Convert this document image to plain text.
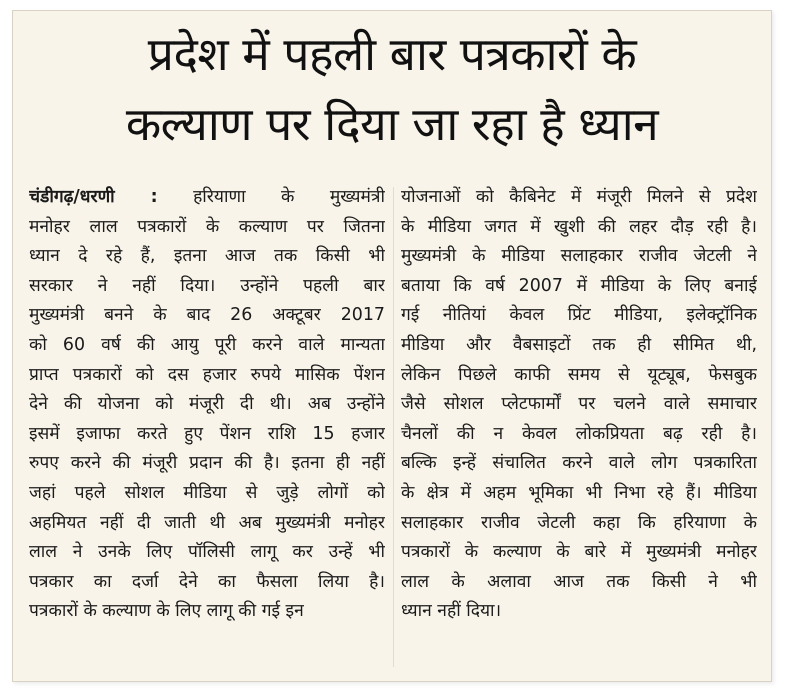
प्रदेश में पहली बार पत्रकारों के
कल्याण पर दिया जा रहा है ध्यान
चंडीगढ़/धरणी : हरियाणा के मुख्यमंत्री
मनोहर लाल पत्रकारों के कल्याण पर जितना
ध्यान दे रहे हैं, इतना आज तक किसी भी
सरकार ने नहीं दिया। उन्होंने पहली बार
मुख्यमंत्री बनने के बाद 26 अक्टूबर 2017
को 60 वर्ष की आयु पूरी करने वाले मान्यता
प्राप्त पत्रकारों को दस हजार रुपये मासिक पेंशन
देने की योजना को मंजूरी दी थी। अब उन्होंने
इसमें इजाफा करते हुए पेंशन राशि 15 हजार
रुपए करने की मंजूरी प्रदान की है। इतना ही नहीं
जहां पहले सोशल मीडिया से जुड़े लोगों को
अहमियत नहीं दी जाती थी अब मुख्यमंत्री मनोहर
लाल ने उनके लिए पॉलिसी लागू कर उन्हें भी
पत्रकार का दर्जा देने का फैसला लिया है।
पत्रकारों के कल्याण के लिए लागू की गई इन
योजनाओं को कैबिनेट में मंजूरी मिलने से प्रदेश
के मीडिया जगत में खुशी की लहर दौड़ रही है।
मुख्यमंत्री के मीडिया सलाहकार राजीव जेटली ने
बताया कि वर्ष 2007 में मीडिया के लिए बनाई
गई नीतियां केवल प्रिंट मीडिया, इलेक्ट्रॉनिक
मीडिया और वैबसाइटों तक ही सीमित थी,
लेकिन पिछले काफी समय से यूट्यूब, फेसबुक
जैसे सोशल प्लेटफार्मों पर चलने वाले समाचार
चैनलों की न केवल लोकप्रियता बढ़ रही है।
बल्कि इन्हें संचालित करने वाले लोग पत्रकारिता
के क्षेत्र में अहम भूमिका भी निभा रहे हैं। मीडिया
सलाहकार राजीव जेटली कहा कि हरियाणा के
पत्रकारों के कल्याण के बारे में मुख्यमंत्री मनोहर
लाल के अलावा आज तक किसी ने भी
ध्यान नहीं दिया।
